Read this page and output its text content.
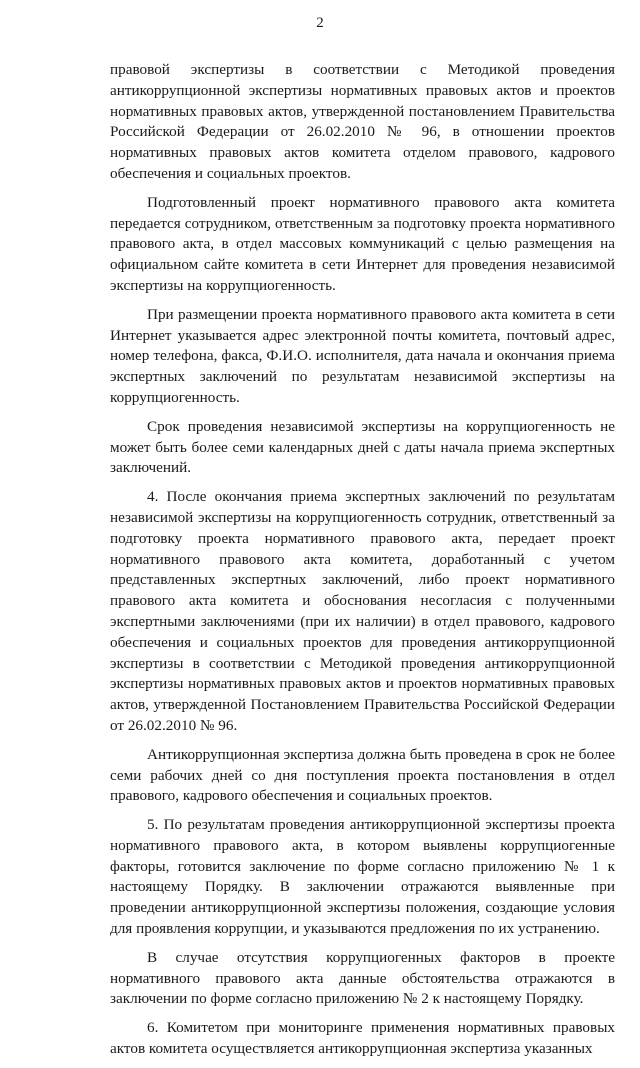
2

правовой экспертизы в соответствии с Методикой проведения антикоррупционной экспертизы нормативных правовых актов и проектов нормативных правовых актов, утвержденной постановлением Правительства Российской Федерации от 26.02.2010 № 96, в отношении проектов нормативных правовых актов комитета отделом правового, кадрового обеспечения и социальных проектов.

Подготовленный проект нормативного правового акта комитета передается сотрудником, ответственным за подготовку проекта нормативного правового акта, в отдел массовых коммуникаций с целью размещения на официальном сайте комитета в сети Интернет для проведения независимой экспертизы на коррупциогенность.

При размещении проекта нормативного правового акта комитета в сети Интернет указывается адрес электронной почты комитета, почтовый адрес, номер телефона, факса, Ф.И.О. исполнителя, дата начала и окончания приема экспертных заключений по результатам независимой экспертизы на коррупциогенность.

Срок проведения независимой экспертизы на коррупциогенность не может быть более семи календарных дней с даты начала приема экспертных заключений.

4. После окончания приема экспертных заключений по результатам независимой экспертизы на коррупциогенность сотрудник, ответственный за подготовку проекта нормативного правового акта, передает проект нормативного правового акта комитета, доработанный с учетом представленных экспертных заключений, либо проект нормативного правового акта комитета и обоснования несогласия с полученными экспертными заключениями (при их наличии) в отдел правового, кадрового обеспечения и социальных проектов для проведения антикоррупционной экспертизы в соответствии с Методикой проведения антикоррупционной экспертизы нормативных правовых актов и проектов нормативных правовых актов, утвержденной Постановлением Правительства Российской Федерации от 26.02.2010 № 96.

Антикоррупционная экспертиза должна быть проведена в срок не более семи рабочих дней со дня поступления проекта постановления в отдел правового, кадрового обеспечения и социальных проектов.

5. По результатам проведения антикоррупционной экспертизы проекта нормативного правового акта, в котором выявлены коррупциогенные факторы, готовится заключение по форме согласно приложению № 1 к настоящему Порядку. В заключении отражаются выявленные при проведении антикоррупционной экспертизы положения, создающие условия для проявления коррупции, и указываются предложения по их устранению.

В случае отсутствия коррупциогенных факторов в проекте нормативного правового акта данные обстоятельства отражаются в заключении по форме согласно приложению № 2 к настоящему Порядку.

6. Комитетом при мониторинге применения нормативных правовых актов комитета осуществляется антикоррупционная экспертиза указанных
